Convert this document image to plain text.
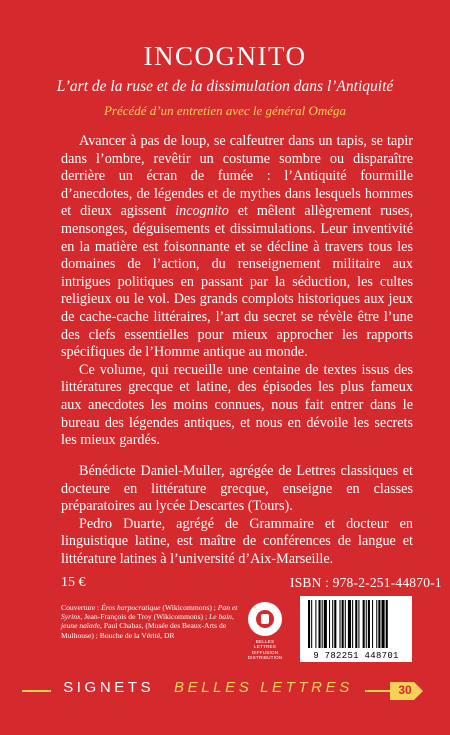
INCOGNITO
L’art de la ruse et de la dissimulation dans l’Antiquité
Précédé d’un entretien avec le général Oméga

Avancer à pas de loup, se calfeutrer dans un tapis, se tapir dans l’ombre, revêtir un costume sombre ou disparaître derrière un écran de fumée : l’Antiquité fourmille d’anecdotes, de légendes et de mythes dans lesquels hommes et dieux agissent incognito et mêlent allègrement ruses, mensonges, déguisements et dissimulations. Leur inventivité en la matière est foisonnante et se décline à travers tous les domaines de l’action, du renseignement militaire aux intrigues politiques en passant par la séduction, les cultes religieux ou le vol. Des grands complots historiques aux jeux de cache-cache littéraires, l’art du secret se révèle être l’une des clefs essentielles pour mieux approcher les rapports spécifiques de l’Homme antique au monde.

Ce volume, qui recueille une centaine de textes issus des littératures grecque et latine, des épisodes les plus fameux aux anecdotes les moins connues, nous fait entrer dans le bureau des légendes antiques, et nous en dévoile les secrets les mieux gardés.

Bénédicte Daniel-Muller, agrégée de Lettres classiques et docteure en littérature grecque, enseigne en classes préparatoires au lycée Descartes (Tours).

Pedro Duarte, agrégé de Grammaire et docteur en linguistique latine, est maître de conférences de langue et littérature latines à l’université d’Aix-Marseille.

15 €	ISBN : 978-2-251-44870-1
Couverture : Éros harpocratique (Wikicommons) ; Pan et Syrinx, Jean-François de Troy (Wikicommons) ; Le bain, jeune naïade, Paul Chabas, (Musée des Beaux-Arts de Mulhouse) ; Bouche de la Vérité, DR
BELLES LETTRES
DIFFUSION
DISTRIBUTION	9 782251 448701
SIGNETS BELLES LETTRES	30
